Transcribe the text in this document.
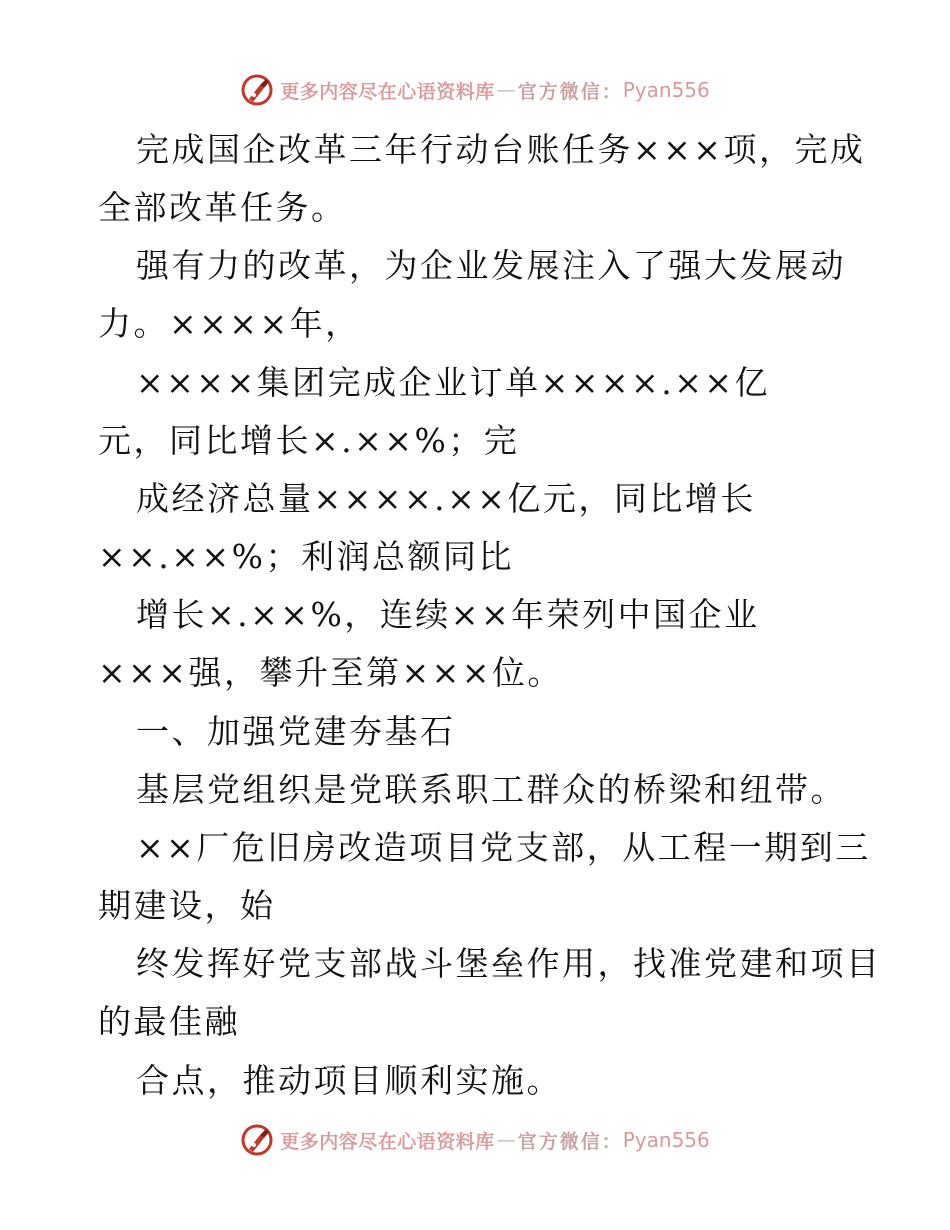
更多内容尽在心语资料库 — 官方微信： Pyan556
完成国企改革三年行动台账任务×××项，完成
全部改革任务。
强有力的改革，为企业发展注入了强大发展动
力。××××年，
××××集团完成企业订单××××.××亿
元，同比增长×.××%；完
成经济总量××××.××亿元，同比增长
××.××%；利润总额同比
增长×.××%，连续××年荣列中国企业
×××强，攀升至第×××位。
一、加强党建夯基石
基层党组织是党联系职工群众的桥梁和纽带。
××厂危旧房改造项目党支部，从工程一期到三
期建设，始
终发挥好党支部战斗堡垒作用，找准党建和项目
的最佳融
合点，推动项目顺利实施。
更多内容尽在心语资料库 — 官方微信： Pyan556
